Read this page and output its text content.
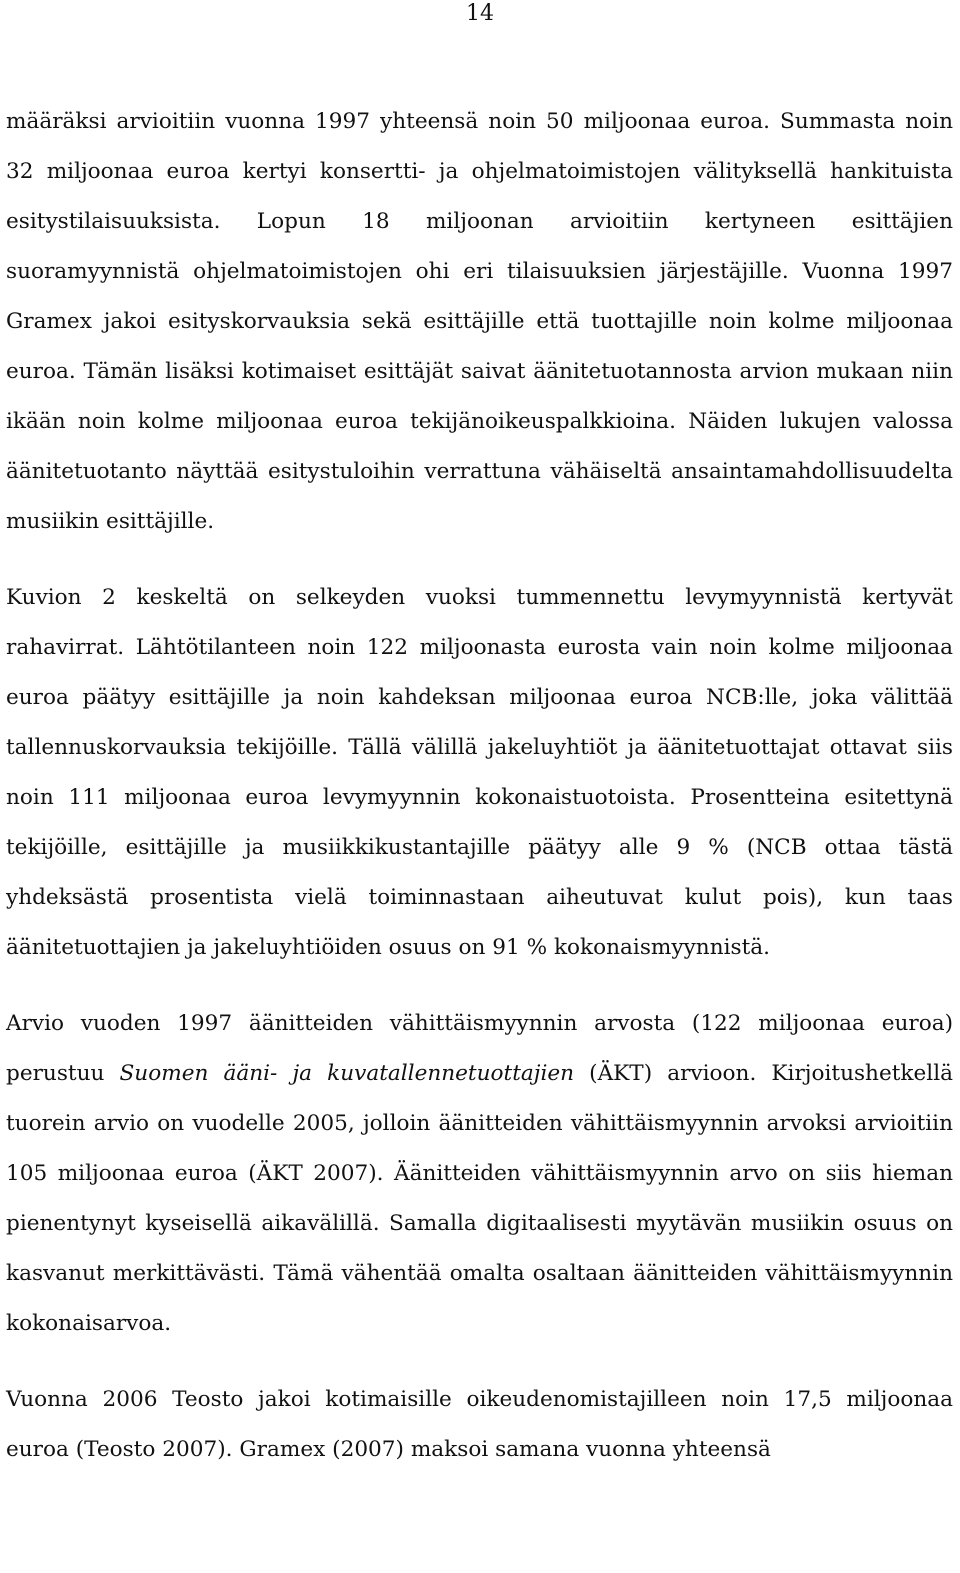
14

määräksi arvioitiin vuonna 1997 yhteensä noin 50 miljoonaa euroa. Summasta noin 32 miljoonaa euroa kertyi konsertti- ja ohjelmatoimistojen välityksellä hankituista esitystilaisuuksista. Lopun 18 miljoonan arvioitiin kertyneen esittäjien suoramyynnistä ohjelmatoimistojen ohi eri tilaisuuksien järjestäjille. Vuonna 1997 Gramex jakoi esityskorvauksia sekä esittäjille että tuottajille noin kolme miljoonaa euroa. Tämän lisäksi kotimaiset esittäjät saivat äänitetuotannosta arvion mukaan niin ikään noin kolme miljoonaa euroa tekijänoikeuspalkkioina. Näiden lukujen valossa äänitetuotanto näyttää esitystuloihin verrattuna vähäiseltä ansaintamahdollisuudelta musiikin esittäjille.

Kuvion 2 keskeltä on selkeyden vuoksi tummennettu levymyynnistä kertyvät rahavirrat. Lähtötilanteen noin 122 miljoonasta eurosta vain noin kolme miljoonaa euroa päätyy esittäjille ja noin kahdeksan miljoonaa euroa NCB:lle, joka välittää tallennuskorvauksia tekijöille. Tällä välillä jakeluyhtiöt ja äänitetuottajat ottavat siis noin 111 miljoonaa euroa levymyynnin kokonaistuotoista. Prosentteina esitettynä tekijöille, esittäjille ja musiikkikustantajille päätyy alle 9 % (NCB ottaa tästä yhdeksästä prosentista vielä toiminnastaan aiheutuvat kulut pois), kun taas äänitetuottajien ja jakeluyhtiöiden osuus on 91 % kokonaismyynnistä.

Arvio vuoden 1997 äänitteiden vähittäismyynnin arvosta (122 miljoonaa euroa) perustuu Suomen ääni- ja kuvatallennetuottajien (ÄKT) arvioon. Kirjoitushetkellä tuorein arvio on vuodelle 2005, jolloin äänitteiden vähittäismyynnin arvoksi arvioitiin 105 miljoonaa euroa (ÄKT 2007). Äänitteiden vähittäismyynnin arvo on siis hieman pienentynyt kyseisellä aikavälillä. Samalla digitaalisesti myytävän musiikin osuus on kasvanut merkittävästi. Tämä vähentää omalta osaltaan äänitteiden vähittäismyynnin kokonaisarvoa.

Vuonna 2006 Teosto jakoi kotimaisille oikeudenomistajilleen noin 17,5 miljoonaa euroa (Teosto 2007). Gramex (2007) maksoi samana vuonna yhteensä
